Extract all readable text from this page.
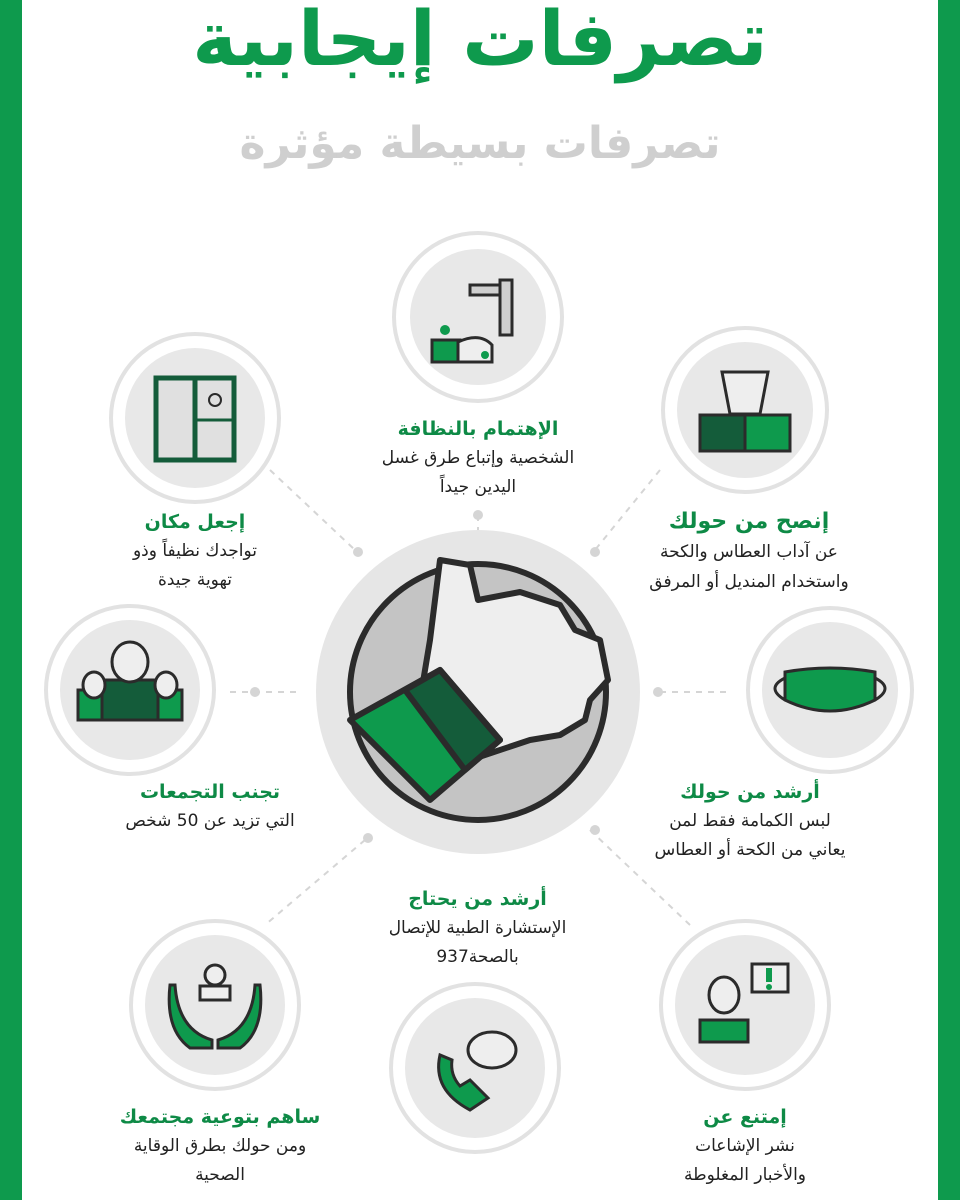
تصرفات إيجابية
تصرفات بسيطة مؤثرة
الإهتمام بالنظافة
الشخصية وإتباع طرق غسل
اليدين جيداً
إنصح من حولك
عن آداب العطاس والكحة
واستخدام المنديل أو المرفق
إجعل مكان
تواجدك نظيفاً وذو
تهوية جيدة
تجنب التجمعات
التي تزيد عن 50 شخص
أرشد من حولك
لبس الكمامة فقط لمن
يعاني من الكحة أو العطاس
أرشد من يحتاج
الإستشارة الطبية للإتصال
بالصحة937
ساهم بتوعية مجتمعك
ومن حولك بطرق الوقاية
الصحية
إمتنع عن
نشر الإشاعات
والأخبار المغلوطة
